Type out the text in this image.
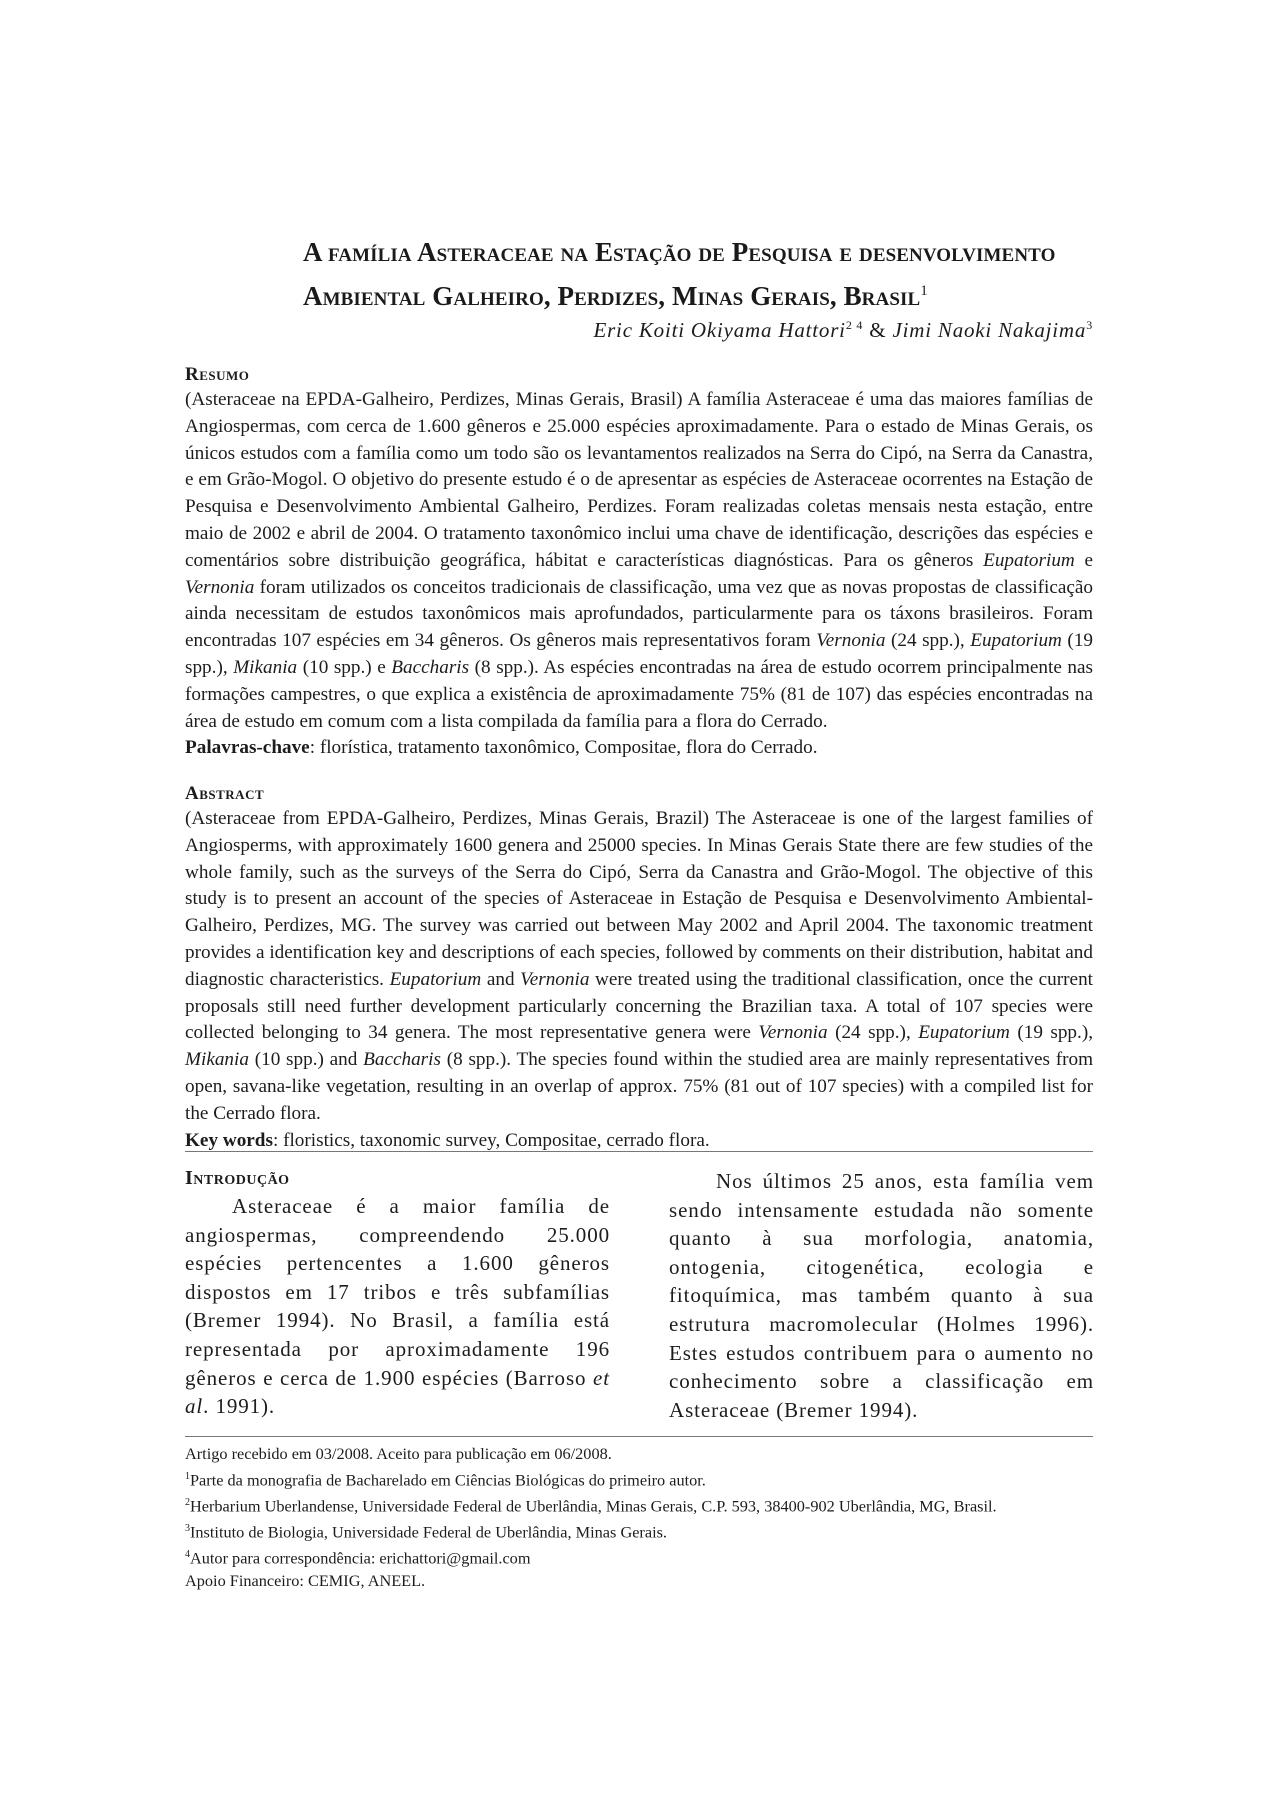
A família Asteraceae na Estação de Pesquisa e desenvolvimento
Ambiental Galheiro, Perdizes, Minas Gerais, Brasil$^1$
Eric Koiti Okiyama Hattori$^{2 4}$ & Jimi Naoki Nakajima$^3$
Resumo

(Asteraceae na EPDA-Galheiro, Perdizes, Minas Gerais, Brasil) A família Asteraceae é uma das maiores famílias de Angiospermas, com cerca de 1.600 gêneros e 25.000 espécies aproximadamente. Para o estado de Minas Gerais, os únicos estudos com a família como um todo são os levantamentos realizados na Serra do Cipó, na Serra da Canastra, e em Grão-Mogol. O objetivo do presente estudo é o de apresentar as espécies de Asteraceae ocorrentes na Estação de Pesquisa e Desenvolvimento Ambiental Galheiro, Perdizes. Foram realizadas coletas mensais nesta estação, entre maio de 2002 e abril de 2004. O tratamento taxonômico inclui uma chave de identificação, descrições das espécies e comentários sobre distribuição geográfica, hábitat e características diagnósticas. Para os gêneros Eupatorium e Vernonia foram utilizados os conceitos tradicionais de classificação, uma vez que as novas propostas de classificação ainda necessitam de estudos taxonômicos mais aprofundados, particularmente para os táxons brasileiros. Foram encontradas 107 espécies em 34 gêneros. Os gêneros mais representativos foram Vernonia (24 spp.), Eupatorium (19 spp.), Mikania (10 spp.) e Baccharis (8 spp.). As espécies encontradas na área de estudo ocorrem principalmente nas formações campestres, o que explica a existência de aproximadamente 75% (81 de 107) das espécies encontradas na área de estudo em comum com a lista compilada da família para a flora do Cerrado.

Palavras-chave: florística, tratamento taxonômico, Compositae, flora do Cerrado.

Abstract

(Asteraceae from EPDA-Galheiro, Perdizes, Minas Gerais, Brazil) The Asteraceae is one of the largest families of Angiosperms, with approximately 1600 genera and 25000 species. In Minas Gerais State there are few studies of the whole family, such as the surveys of the Serra do Cipó, Serra da Canastra and Grão-Mogol. The objective of this study is to present an account of the species of Asteraceae in Estação de Pesquisa e Desenvolvimento Ambiental-Galheiro, Perdizes, MG. The survey was carried out between May 2002 and April 2004. The taxonomic treatment provides a identification key and descriptions of each species, followed by comments on their distribution, habitat and diagnostic characteristics. Eupatorium and Vernonia were treated using the traditional classification, once the current proposals still need further development particularly concerning the Brazilian taxa. A total of 107 species were collected belonging to 34 genera. The most representative genera were Vernonia (24 spp.), Eupatorium (19 spp.), Mikania (10 spp.) and Baccharis (8 spp.). The species found within the studied area are mainly representatives from open, savana-like vegetation, resulting in an overlap of approx. 75% (81 out of 107 species) with a compiled list for the Cerrado flora.

Key words: floristics, taxonomic survey, Compositae, cerrado flora.

Introdução

Asteraceae é a maior família de angiospermas, compreendendo 25.000 espécies pertencentes a 1.600 gêneros dispostos em 17 tribos e três subfamílias (Bremer 1994). No Brasil, a família está representada por aproximadamente 196 gêneros e cerca de 1.900 espécies (Barroso et al. 1991).

Nos últimos 25 anos, esta família vem sendo intensamente estudada não somente quanto à sua morfologia, anatomia, ontogenia, citogenética, ecologia e fitoquímica, mas também quanto à sua estrutura macromolecular (Holmes 1996). Estes estudos contribuem para o aumento no conhecimento sobre a classificação em Asteraceae (Bremer 1994).

Artigo recebido em 03/2008. Aceito para publicação em 06/2008.
$^1$Parte da monografia de Bacharelado em Ciências Biológicas do primeiro autor.
$^2$Herbarium Uberlandense, Universidade Federal de Uberlândia, Minas Gerais, C.P. 593, 38400-902 Uberlândia, MG, Brasil.
$^3$Instituto de Biologia, Universidade Federal de Uberlândia, Minas Gerais.
$^4$Autor para correspondência: erichattori@gmail.com
Apoio Financeiro: CEMIG, ANEEL.
